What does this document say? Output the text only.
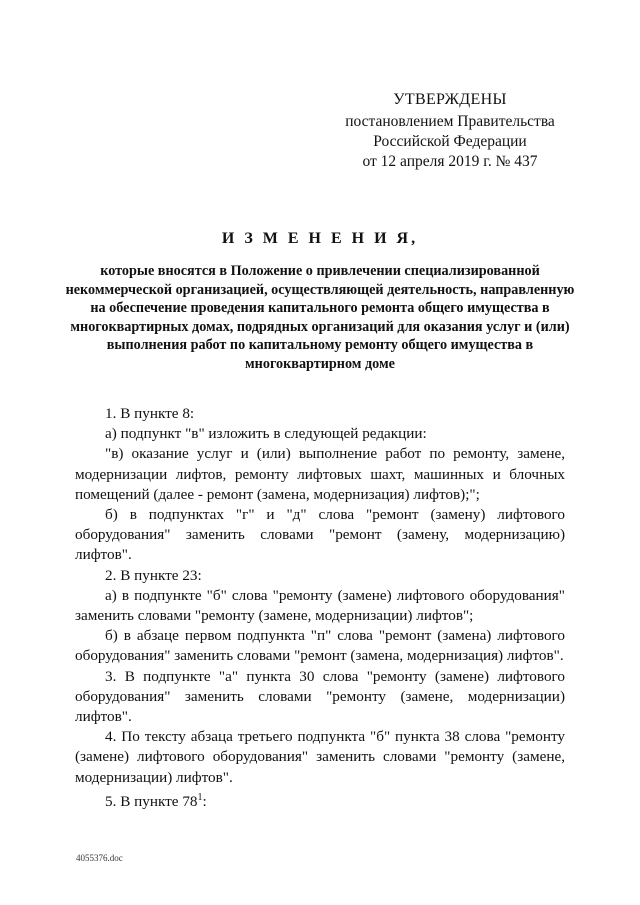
УТВЕРЖДЕНЫ
постановлением Правительства
Российской Федерации
от 12 апреля 2019 г. № 437
И З М Е Н Е Н И Я,
которые вносятся в Положение о привлечении специализированной некоммерческой организацией, осуществляющей деятельность, направленную на обеспечение проведения капитального ремонта общего имущества в многоквартирных домах, подрядных организаций для оказания услуг и (или) выполнения работ по капитальному ремонту общего имущества в многоквартирном доме

1. В пункте 8:

а) подпункт "в" изложить в следующей редакции:

"в) оказание услуг и (или) выполнение работ по ремонту, замене, модернизации лифтов, ремонту лифтовых шахт, машинных и блочных помещений (далее - ремонт (замена, модернизация) лифтов);";

б) в подпунктах "г" и "д" слова "ремонт (замену) лифтового оборудования" заменить словами "ремонт (замену, модернизацию) лифтов".

2. В пункте 23:

а) в подпункте "б" слова "ремонту (замене) лифтового оборудования" заменить словами "ремонту (замене, модернизации) лифтов";

б) в абзаце первом подпункта "п" слова "ремонт (замена) лифтового оборудования" заменить словами "ремонт (замена, модернизация) лифтов".

3. В подпункте "а" пункта 30 слова "ремонту (замене) лифтового оборудования" заменить словами "ремонту (замене, модернизации) лифтов".

4. По тексту абзаца третьего подпункта "б" пункта 38 слова "ремонту (замене) лифтового оборудования" заменить словами "ремонту (замене, модернизации) лифтов".

5. В пункте $78^1$:

4055376.doc
